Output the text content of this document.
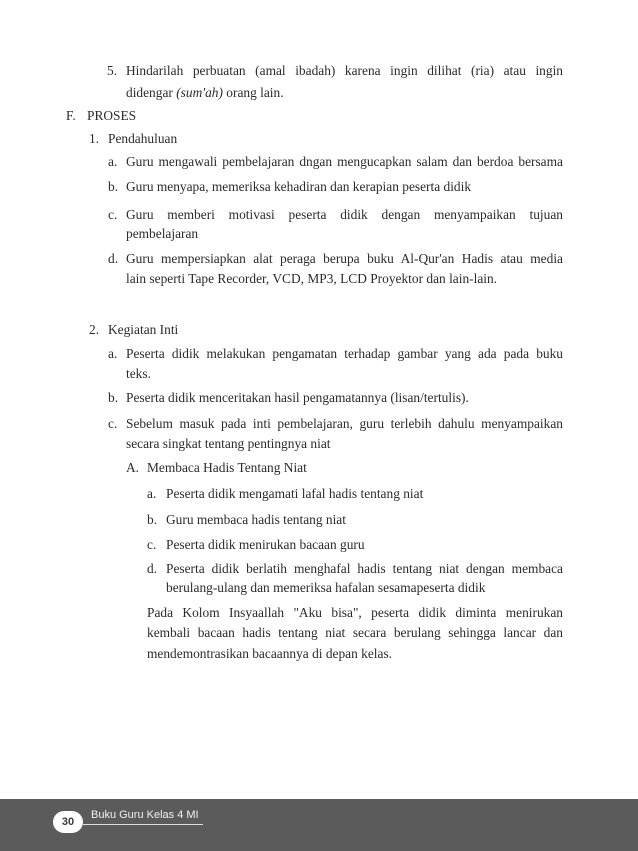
5. Hindarilah perbuatan (amal ibadah) karena ingin dilihat (ria) atau ingin
didengar (sum'ah) orang lain.
F. PROSES
1. Pendahuluan
a. Guru mengawali pembelajaran dngan mengucapkan salam dan berdoa bersama
b. Guru menyapa, memeriksa kehadiran dan kerapian peserta didik
c. Guru memberi motivasi peserta didik dengan menyampaikan tujuan
pembelajaran
d. Guru mempersiapkan alat peraga berupa buku Al-Qur'an Hadis atau media
lain seperti Tape Recorder, VCD, MP3, LCD Proyektor dan lain-lain.
2. Kegiatan Inti
a. Peserta didik melakukan pengamatan terhadap gambar yang ada pada buku
teks.
b. Peserta didik menceritakan hasil pengamatannya (lisan/tertulis).
c. Sebelum masuk pada inti pembelajaran, guru terlebih dahulu menyampaikan
secara singkat tentang pentingnya niat
A. Membaca Hadis Tentang Niat
a. Peserta didik mengamati lafal hadis tentang niat
b. Guru membaca hadis tentang niat
c. Peserta didik menirukan bacaan guru
d. Peserta didik berlatih menghafal hadis tentang niat dengan membaca
berulang-ulang dan memeriksa hafalan sesamapeserta didik
Pada Kolom Insyaallah "Aku bisa", peserta didik diminta menirukan
kembali bacaan hadis tentang niat secara berulang sehingga lancar dan
mendemontrasikan bacaannya di depan kelas.
30
Buku Guru Kelas 4 MI
